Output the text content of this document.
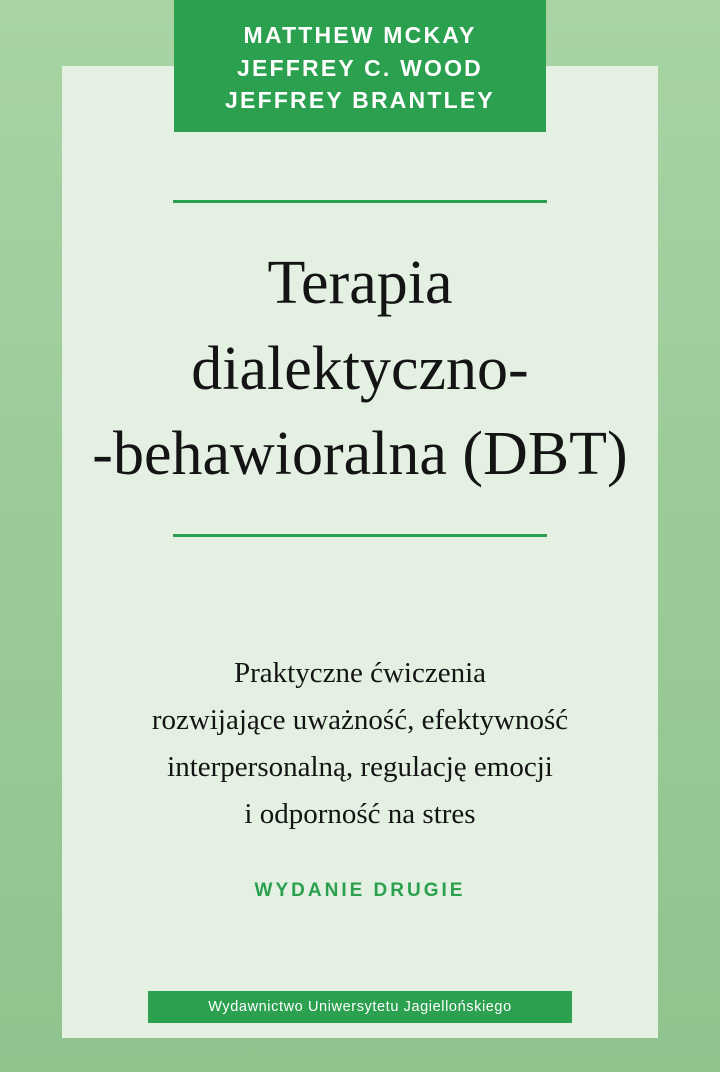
MATTHEW MCKAY
JEFFREY C. WOOD
JEFFREY BRANTLEY
Terapia
dialektyczno-
-behawioralna (DBT)
Praktyczne ćwiczenia
rozwijające uważność, efektywność
interpersonalną, regulację emocji
i odporność na stres
WYDANIE DRUGIE
Wydawnictwo Uniwersytetu Jagiellońskiego
